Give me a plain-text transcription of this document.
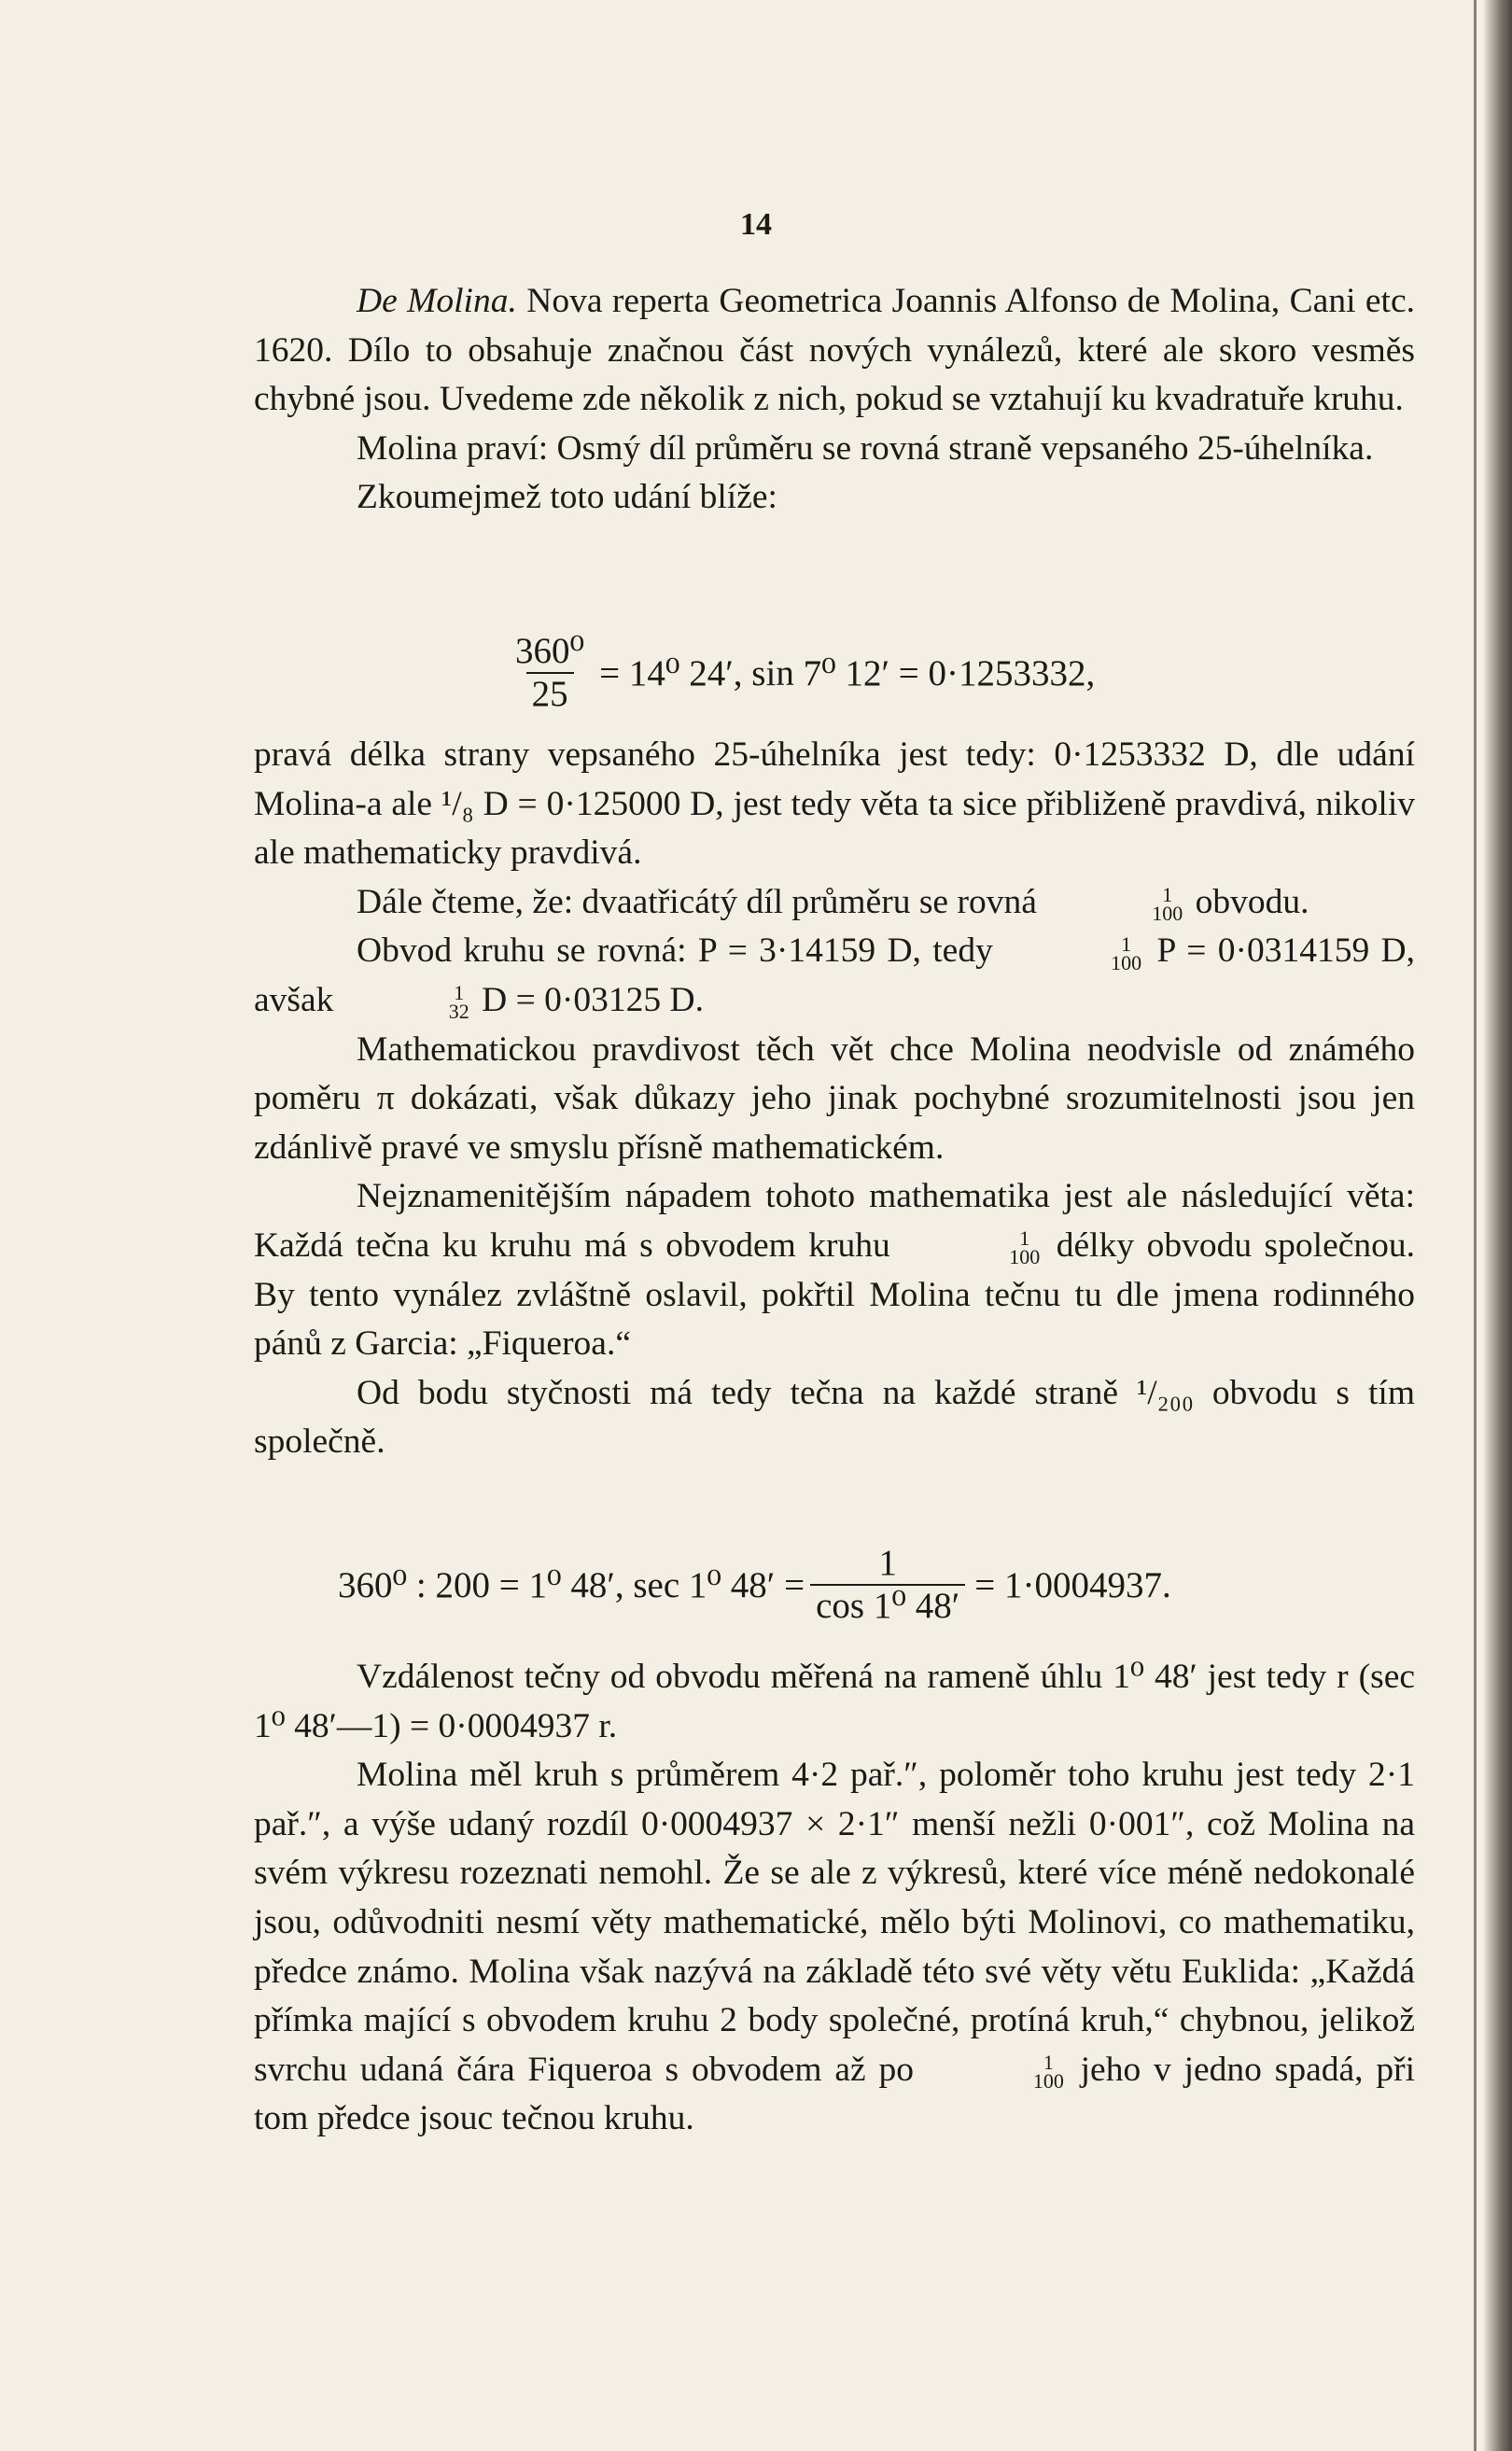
14

De Molina. Nova reperta Geometrica Joannis Alfonso de Molina, Cani etc. 1620. Dílo to obsahuje značnou část nových vynálezů, které ale skoro vesměs chybné jsou. Uvedeme zde několik z nich, pokud se vztahují ku kvadratuře kruhu.

Molina praví: Osmý díl průměru se rovná straně vepsaného 25-úhelníka.

Zkoumejmež toto udání blíže:

$\frac{\text{360⁰}}{25} = 14^0$ 24′, sin 7⁰ 12′ = 0·1253332,

pravá délka strany vepsaného 25-úhelníka jest tedy: 0·1253332 D, dle udání Molina-a ale ¹/₈ D = 0·125000 D, jest tedy věta ta sice přibliženě pravdivá, nikoliv ale mathematicky pravdivá.

Dále čteme, že: dvaatřicátý díl průměru se rovná	1
100 obvodu.

Obvod kruhu se rovná: P = 3·14159 D, tedy	1
100 P = 0·0314159 D, avšak	1
32 D = 0·03125 D.

Mathematickou pravdivost těch vět chce Molina neodvisle od známého poměru π dokázati, však důkazy jeho jinak pochybné srozumitelnosti jsou jen zdánlivě pravé ve smyslu přísně mathematickém.

Nejznamenitějším nápadem tohoto mathematika jest ale následující věta: Každá tečna ku kruhu má s obvodem kruhu	1
100 délky obvodu společnou. By tento vynález zvláštně oslavil, pokřtil Molina tečnu tu dle jmena rodinného pánů z Garcia: „Fiqueroa.“

Od bodu styčnosti má tedy tečna na každé straně ¹/₂₀₀ obvodu s tím společně.

360⁰ : 200 = 1⁰ 48′, sec 1⁰ $48' = \frac{1}{\text{cos 1⁰ 48′}} = 1\cdot 0004937$.

Vzdálenost tečny od obvodu měřená na rameně úhlu 1⁰ 48′ jest tedy r (sec 1⁰ 48′—1) = 0·0004937 r.

Molina měl kruh s průměrem 4·2 pař.″, poloměr toho kruhu jest tedy 2·1 pař.″, a výše udaný rozdíl 0·0004937 × 2·1″ menší nežli 0·001″, což Molina na svém výkresu rozeznati nemohl. Že se ale z výkresů, které více méně nedokonalé jsou, odůvodniti nesmí věty mathematické, mělo býti Molinovi, co mathematiku, předce známo. Molina však nazývá na základě této své věty větu Euklida: „Každá přímka mající s obvodem kruhu 2 body společné, protíná kruh,“ chybnou, jelikož svrchu udaná čára Fiqueroa s obvodem až po	1
100 jeho v jedno spadá, při tom předce jsouc tečnou kruhu.
